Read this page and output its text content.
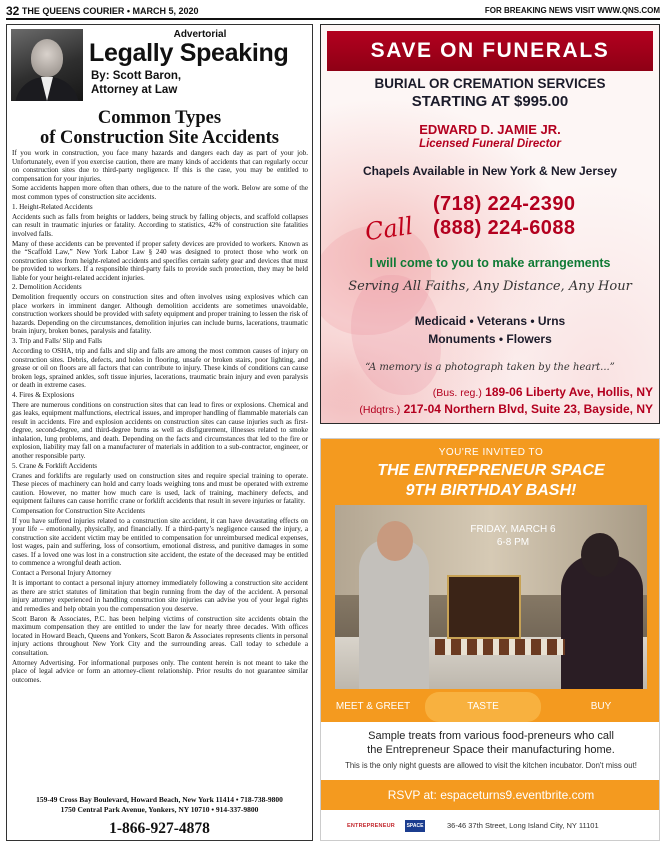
32 THE QUEENS COURIER • MARCH 5, 2020	FOR BREAKING NEWS VISIT WWW.QNS.COM
Advertorial
Legally Speaking
By: Scott Baron,
Attorney at Law
Common Types
of Construction Site Accidents

If you work in construction, you face many hazards and dangers each day as part of your job. Unfortunately, even if you exercise caution, there are many kinds of accidents that can regularly occur on construction sites due to third-party negligence. If this is the case, you may be entitled to compensation for your injuries.

Some accidents happen more often than others, due to the nature of the work. Below are some of the most common types of construction site accidents.

1. Height-Related Accidents

Accidents such as falls from heights or ladders, being struck by falling objects, and scaffold collapses can result in traumatic injuries or fatality. According to statistics, 42% of construction site fatalities involved falls.

Many of these accidents can be prevented if proper safety devices are provided to workers. Known as the “Scaffold Law,” New York Labor Law § 240 was designed to protect those who work on construction sites from height-related accidents and specifies certain safety gear and devices that must be provided to workers. If a responsible third-party fails to provide such protection, they may be held liable for your height-related accident injuries.

2. Demolition Accidents

Demolition frequently occurs on construction sites and often involves using explosives which can place workers in imminent danger. Although demolition accidents are sometimes unavoidable, construction workers should be provided with safety equipment and proper training to lessen the risk of hazards. Depending on the circumstances, demolition injuries can include burns, lacerations, traumatic brain injury, broken bones, paralysis and fatality.

3. Trip and Falls/ Slip and Falls

According to OSHA, trip and falls and slip and falls are among the most common causes of injury on construction sites. Debris, defects, and holes in flooring, unsafe or broken stairs, poor lighting, and grease or oil on floors are all factors that can contribute to injury. These kinds of conditions can cause broken legs, sprained ankles, soft tissue injuries, lacerations, traumatic brain injury and even paralysis or death in extreme cases.

4. Fires & Explosions

There are numerous conditions on construction sites that can lead to fires or explosions. Chemical and gas leaks, equipment malfunctions, electrical issues, and improper handling of flammable materials can result in accidents. Fire and explosion accidents on construction sites can cause injuries such as first-degree, second-degree, and third-degree burns as well as disfigurement, illnesses related to smoke inhalation, lung problems, and death. Depending on the facts and circumstances that led to the fire or explosion, liability may fall on a manufacturer of materials in addition to a sub-contractor, engineer, or another responsible party.

5. Crane & Forklift Accidents

Cranes and forklifts are regularly used on construction sites and require special training to operate. These pieces of machinery can hold and carry loads weighing tons and must be operated with extreme caution. However, no matter how much care is used, lack of training, machinery defects, and equipment failures can cause horrific crane or forklift accidents that result in severe injuries or fatality.

Compensation for Construction Site Accidents

If you have suffered injuries related to a construction site accident, it can have devastating effects on your life – emotionally, physically, and financially. If a third-party’s negligence caused the injury, a construction site accident victim may be entitled to compensation for unreimbursed medical expenses, lost wages, pain and suffering, loss of consortium, emotional distress, and punitive damages in some cases. If a loved one was lost in a construction site accident, the estate of the deceased may be entitled to commence a wrongful death action.

Contact a Personal Injury Attorney

It is important to contact a personal injury attorney immediately following a construction site accident as there are strict statutes of limitation that begin running from the day of the accident. A personal injury attorney experienced in handling construction site injuries can advise you of your legal rights and remedies and help obtain you the compensation you deserve.

Scott Baron & Associates, P.C. has been helping victims of construction site accidents obtain the maximum compensation they are entitled to under the law for nearly three decades. With offices located in Howard Beach, Queens and Yonkers, Scott Baron & Associates represents clients in personal injury actions throughout New York City and the surrounding areas. Call today to schedule a consultation.

Attorney Advertising. For informational purposes only. The content herein is not meant to take the place of legal advice or form an attorney-client relationship. Prior results do not guarantee similar outcomes.

159-49 Cross Bay Boulevard, Howard Beach, New York 11414 • 718-738-9800
1750 Central Park Avenue, Yonkers, NY 10710 • 914-337-9800
1-866-927-4878
SAVE ON FUNERALS
BURIAL OR CREMATION SERVICES
STARTING AT $995.00
EDWARD D. JAMIE JR.
Licensed Funeral Director
Chapels Available in New York & New Jersey
Call
(718) 224-2390
(888) 224-6088
I will come to you to make arrangements
Serving All Faiths, Any Distance, Any Hour
Medicaid • Veterans • Urns
Monuments • Flowers
“A memory is a photograph taken by the heart...”
(Bus. reg.) 189-06 Liberty Ave, Hollis, NY
(Hdqtrs.) 217-04 Northern Blvd, Suite 23, Bayside, NY
YOU'RE INVITED TO
THE ENTREPRENEUR SPACE
9TH BIRTHDAY BASH!
FRIDAY, MARCH 6
6-8 PM
MEET & GREET	TASTE	BUY
Sample treats from various food-preneurs who call
the Entrepreneur Space their manufacturing home.
This is the only night guests are allowed to visit the kitchen incubator. Don't miss out!
RSVP at: espaceturns9.eventbrite.com
ENTREPRENEUR	SPACE	36-46 37th Street, Long Island City, NY 11101
